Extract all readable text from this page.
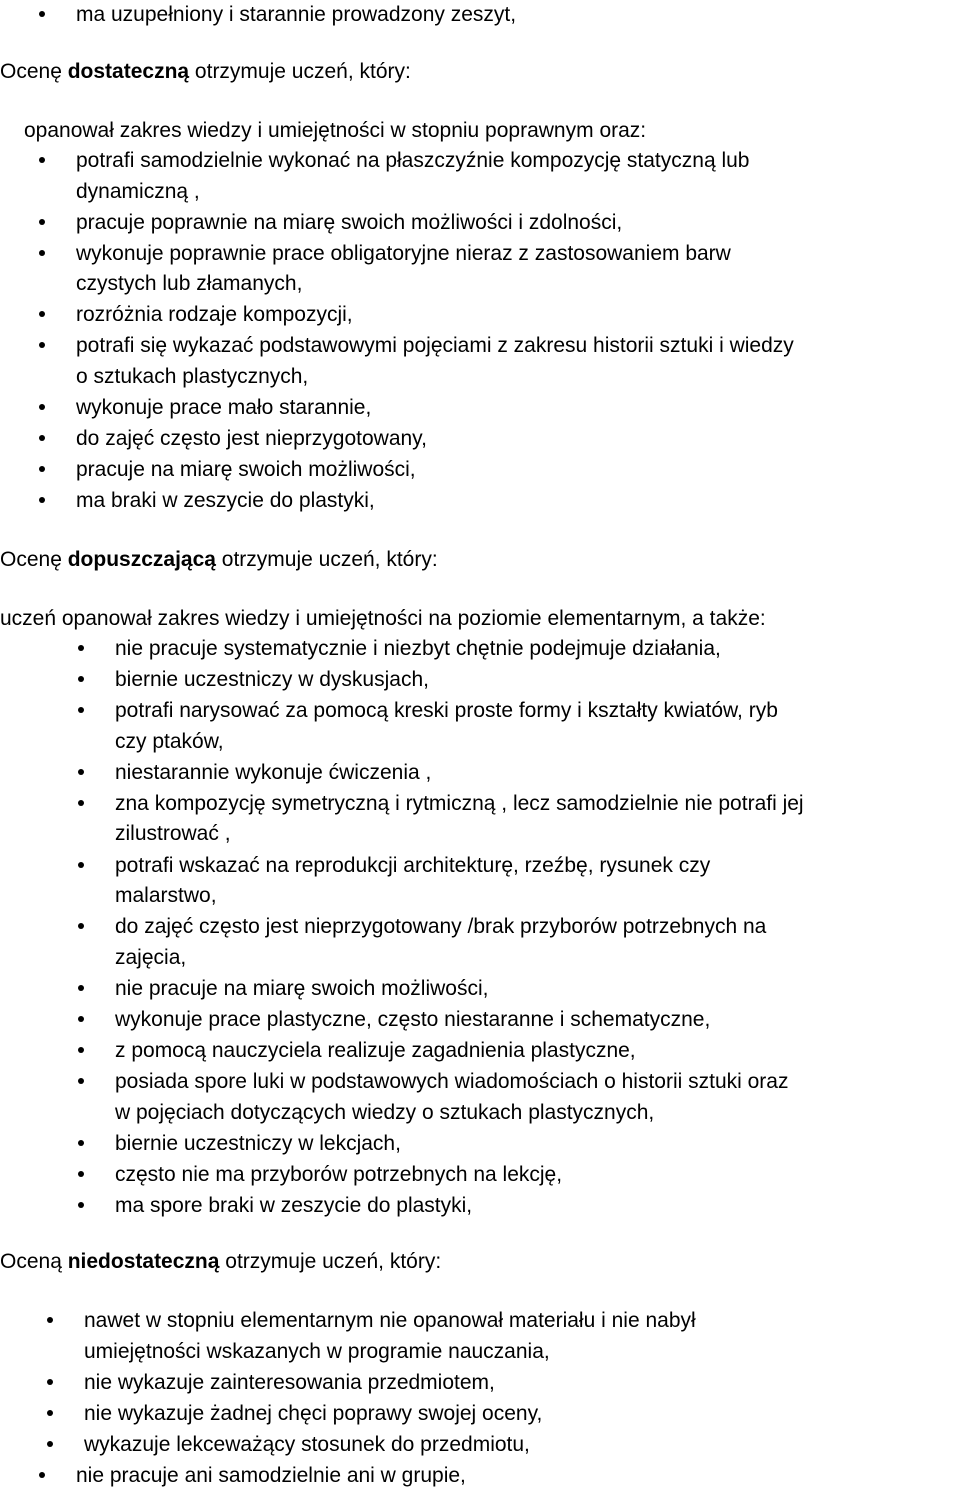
ma uzupełniony i starannie prowadzony zeszyt,
Ocenę dostateczną otrzymuje uczeń, który:
opanował zakres wiedzy i umiejętności w stopniu poprawnym oraz:
potrafi samodzielnie wykonać na płaszczyźnie kompozycję statyczną lub
dynamiczną ,
pracuje poprawnie na miarę swoich możliwości i zdolności,
wykonuje poprawnie prace obligatoryjne nieraz z zastosowaniem barw
czystych lub złamanych,
rozróżnia rodzaje kompozycji,
potrafi się wykazać podstawowymi pojęciami z zakresu historii sztuki i wiedzy
o sztukach plastycznych,
wykonuje prace mało starannie,
do zajęć często jest nieprzygotowany,
pracuje na miarę swoich możliwości,
ma braki w zeszycie do plastyki,
Ocenę dopuszczającą otrzymuje uczeń, który:
uczeń opanował zakres wiedzy i umiejętności na poziomie elementarnym, a także:
nie pracuje systematycznie i niezbyt chętnie podejmuje działania,
biernie uczestniczy w dyskusjach,
potrafi narysować za pomocą kreski proste formy i kształty kwiatów, ryb
czy ptaków,
niestarannie wykonuje ćwiczenia ,
zna kompozycję symetryczną i rytmiczną , lecz samodzielnie nie potrafi jej
zilustrować ,
potrafi wskazać na reprodukcji architekturę, rzeźbę, rysunek czy
malarstwo,
do zajęć często jest nieprzygotowany /brak przyborów potrzebnych na
zajęcia,
nie pracuje na miarę swoich możliwości,
wykonuje prace plastyczne, często niestaranne i schematyczne,
z pomocą nauczyciela realizuje zagadnienia plastyczne,
posiada spore luki w podstawowych wiadomościach o historii sztuki oraz
w pojęciach dotyczących wiedzy o sztukach plastycznych,
biernie uczestniczy w lekcjach,
często nie ma przyborów potrzebnych na lekcję,
ma spore braki w zeszycie do plastyki,
Oceną niedostateczną otrzymuje uczeń, który:
nawet w stopniu elementarnym nie opanował materiału i nie nabył
umiejętności wskazanych w programie nauczania,
nie wykazuje zainteresowania przedmiotem,
nie wykazuje żadnej chęci poprawy swojej oceny,
wykazuje lekceważący stosunek do przedmiotu,
nie pracuje ani samodzielnie ani w grupie,
